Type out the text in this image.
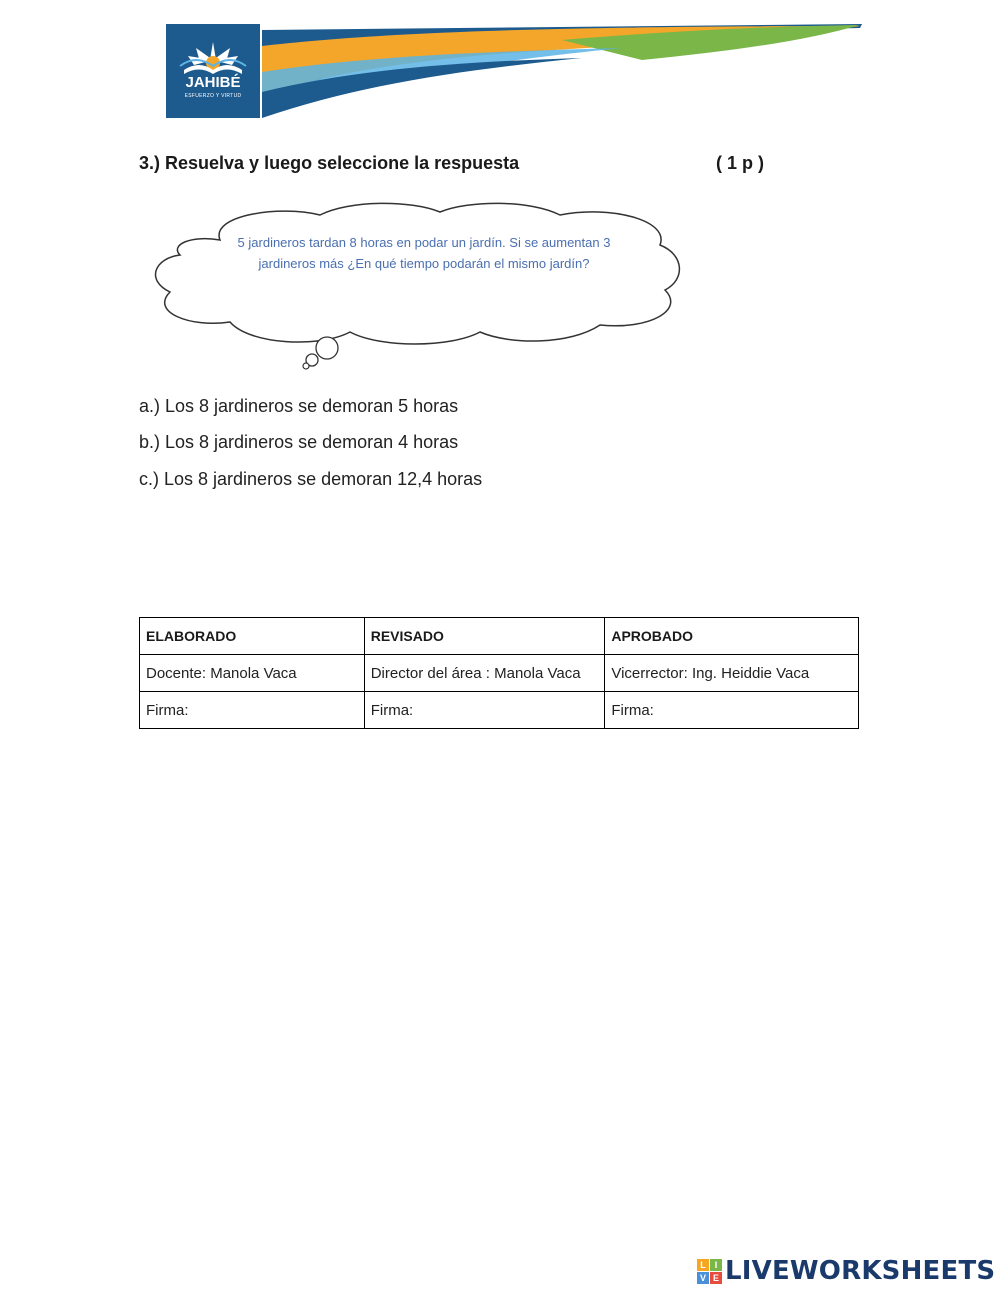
JAHIBÉ
ESFUERZO Y VIRTUD
3.) Resuelva y luego seleccione la respuesta	( 1 p )
5 jardineros tardan 8 horas en podar un jardín. Si se aumentan 3 jardineros más ¿En qué tiempo podarán el mismo jardín?
a.) Los 8 jardineros se demoran 5 horas
b.) Los 8 jardineros se demoran 4 horas
c.) Los 8 jardineros se demoran 12,4 horas
ELABORADO	REVISADO	APROBADO
Docente: Manola Vaca	Director del área : Manola Vaca	Vicerrector: Ing. Heiddie Vaca
Firma:	Firma:	Firma:
L I
V E LIVEWORKSHEETS
